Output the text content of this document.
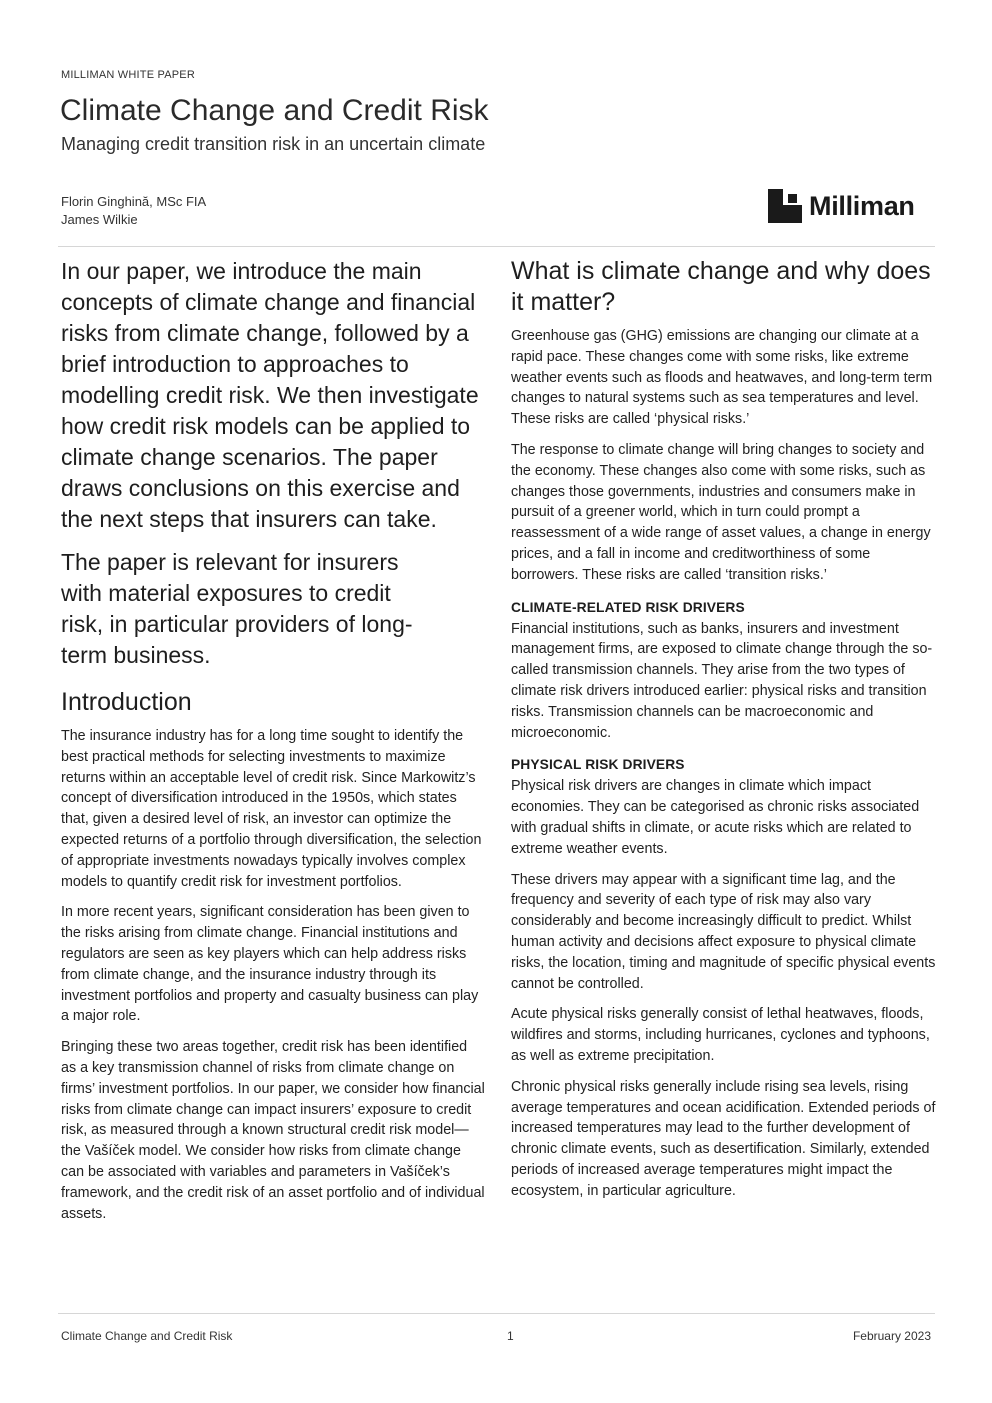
MILLIMAN WHITE PAPER
Climate Change and Credit Risk
Managing credit transition risk in an uncertain climate
Florin Ginghină, MSc FIA
James Wilkie	Milliman

In our paper, we introduce the main concepts of climate change and financial risks from climate change, followed by a brief introduction to approaches to modelling credit risk. We then investigate how credit risk models can be applied to climate change scenarios. The paper draws conclusions on this exercise and the next steps that insurers can take.

The paper is relevant for insurers with material exposures to credit risk, in particular providers of long-term business.

Introduction

The insurance industry has for a long time sought to identify the best practical methods for selecting investments to maximize returns within an acceptable level of credit risk. Since Markowitz’s concept of diversification introduced in the 1950s, which states that, given a desired level of risk, an investor can optimize the expected returns of a portfolio through diversification, the selection of appropriate investments nowadays typically involves complex models to quantify credit risk for investment portfolios.

In more recent years, significant consideration has been given to the risks arising from climate change. Financial institutions and regulators are seen as key players which can help address risks from climate change, and the insurance industry through its investment portfolios and property and casualty business can play a major role.

Bringing these two areas together, credit risk has been identified as a key transmission channel of risks from climate change on firms’ investment portfolios. In our paper, we consider how financial risks from climate change can impact insurers’ exposure to credit risk, as measured through a known structural credit risk model—the Vašíček model. We consider how risks from climate change can be associated with variables and parameters in Vašíček’s framework, and the credit risk of an asset portfolio and of individual assets.

What is climate change and why does it matter?

Greenhouse gas (GHG) emissions are changing our climate at a rapid pace. These changes come with some risks, like extreme weather events such as floods and heatwaves, and long-term term changes to natural systems such as sea temperatures and level. These risks are called ‘physical risks.’

The response to climate change will bring changes to society and the economy. These changes also come with some risks, such as changes those governments, industries and consumers make in pursuit of a greener world, which in turn could prompt a reassessment of a wide range of asset values, a change in energy prices, and a fall in income and creditworthiness of some borrowers. These risks are called ‘transition risks.’

CLIMATE-RELATED RISK DRIVERS

Financial institutions, such as banks, insurers and investment management firms, are exposed to climate change through the so-called transmission channels. They arise from the two types of climate risk drivers introduced earlier: physical risks and transition risks. Transmission channels can be macroeconomic and microeconomic.

PHYSICAL RISK DRIVERS

Physical risk drivers are changes in climate which impact economies. They can be categorised as chronic risks associated with gradual shifts in climate, or acute risks which are related to extreme weather events.

These drivers may appear with a significant time lag, and the frequency and severity of each type of risk may also vary considerably and become increasingly difficult to predict. Whilst human activity and decisions affect exposure to physical climate risks, the location, timing and magnitude of specific physical events cannot be controlled.

Acute physical risks generally consist of lethal heatwaves, floods, wildfires and storms, including hurricanes, cyclones and typhoons, as well as extreme precipitation.

Chronic physical risks generally include rising sea levels, rising average temperatures and ocean acidification. Extended periods of increased temperatures may lead to the further development of chronic climate events, such as desertification. Similarly, extended periods of increased average temperatures might impact the ecosystem, in particular agriculture.

Climate Change and Credit Risk	1	February 2023
